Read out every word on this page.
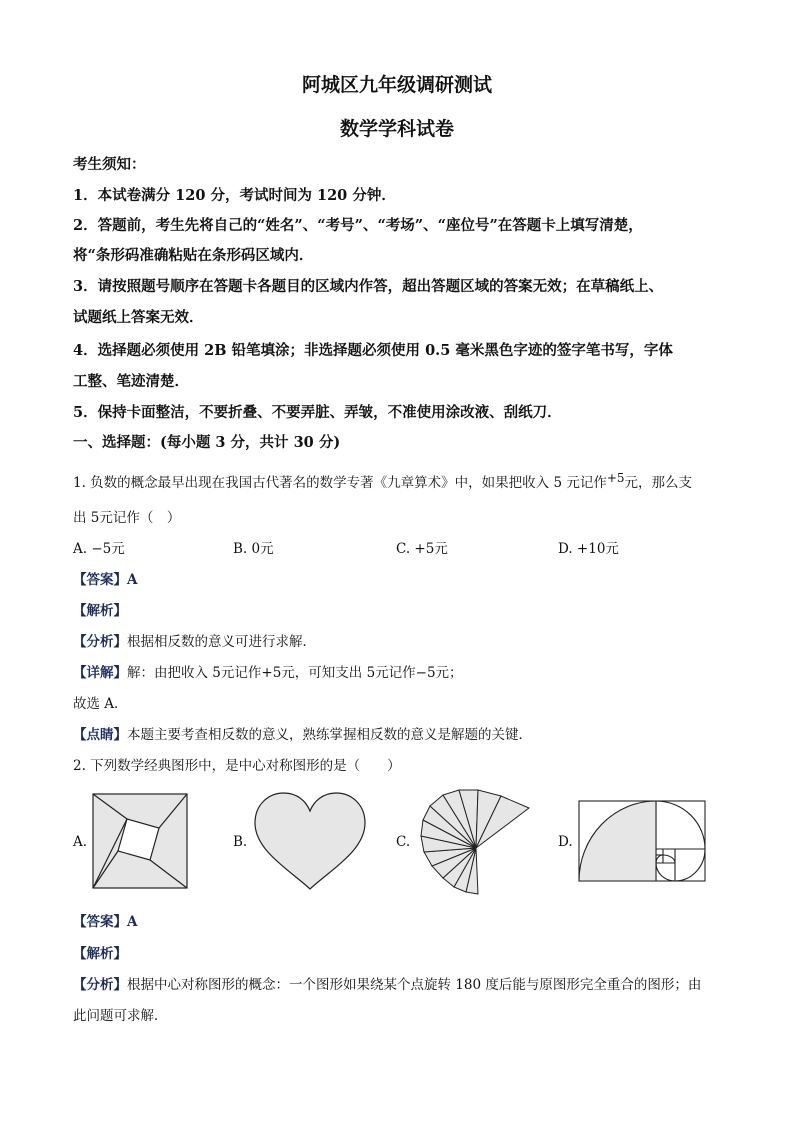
阿城区九年级调研测试
数学学科试卷
考生须知：
1．本试卷满分 120 分，考试时间为 120 分钟．
2．答题前，考生先将自己的“姓名”、“考号”、“考场”、“座位号”在答题卡上填写清楚，
将“条形码准确粘贴在条形码区域内．
3．请按照题号顺序在答题卡各题目的区域内作答，超出答题区域的答案无效；在草稿纸上、
试题纸上答案无效．
4．选择题必须使用 2B 铅笔填涂；非选择题必须使用 0.5 毫米黑色字迹的签字笔书写，字体
工整、笔迹清楚．
5．保持卡面整洁，不要折叠、不要弄脏、弄皱，不准使用涂改液、刮纸刀．
一、选择题：(每小题 3 分，共计 30 分)
1. 负数的概念最早出现在我国古代著名的数学专著《九章算术》中，如果把收入 5 元记作+5元，那么支
出 5元记作（　）
A. −5元	B. 0元	C. +5元	D. +10元
【答案】A
【解析】
【分析】根据相反数的意义可进行求解．
【详解】解：由把收入 5元记作+5元，可知支出 5元记作−5元；
故选 A．
【点睛】本题主要考查相反数的意义，熟练掌握相反数的意义是解题的关键．
2. 下列数学经典图形中，是中心对称图形的是（　　）
A.	B.	C.	D.
【答案】A
【解析】
【分析】根据中心对称图形的概念：一个图形如果绕某个点旋转 180 度后能与原图形完全重合的图形；由
此问题可求解．
